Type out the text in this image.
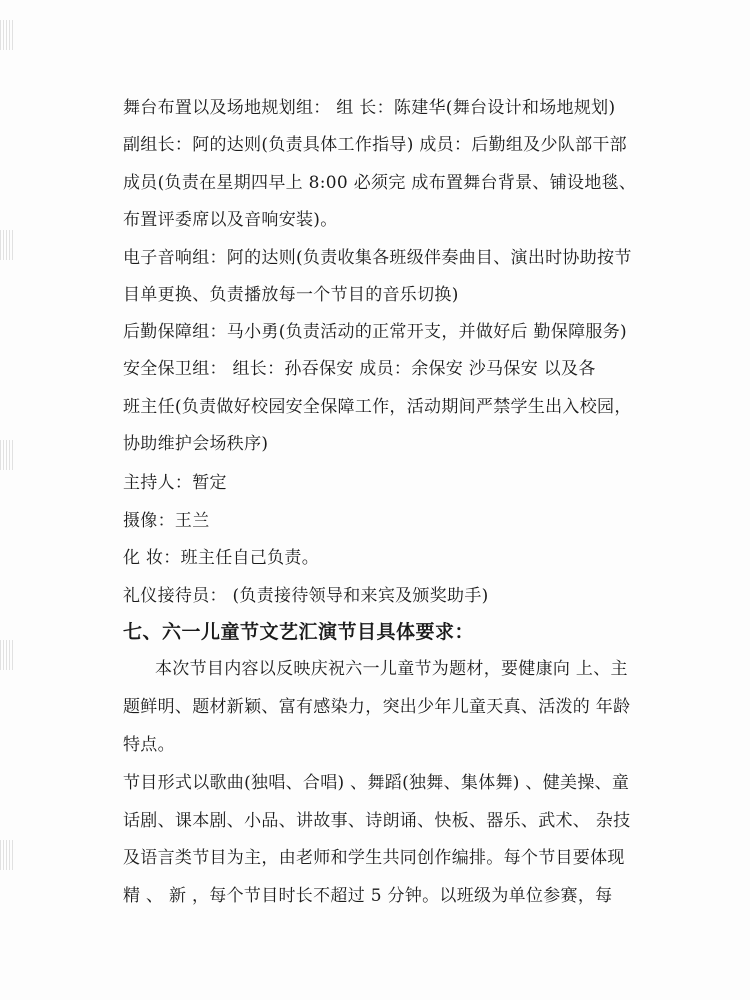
舞台布置以及场地规划组： 组 长：陈建华(舞台设计和场地规划)
副组长：阿的达则(负责具体工作指导) 成员：后勤组及少队部干部
成员(负责在星期四早上 8:00 必须完 成布置舞台背景、铺设地毯、
布置评委席以及音响安装)。
电子音响组：阿的达则(负责收集各班级伴奏曲目、演出时协助按节
目单更换、负责播放每一个节目的音乐切换)
后勤保障组：马小勇(负责活动的正常开支，并做好后 勤保障服务)
安全保卫组： 组长：孙吞保安 成员：余保安 沙马保安 以及各
班主任(负责做好校园安全保障工作，活动期间严禁学生出入校园，
协助维护会场秩序)
主持人：暂定
摄像：王兰
化 妆：班主任自己负责。
礼仪接待员： (负责接待领导和来宾及颁奖助手)
七、六一儿童节文艺汇演节目具体要求：
本次节目内容以反映庆祝六一儿童节为题材，要健康向 上、主
题鲜明、题材新颖、富有感染力，突出少年儿童天真、活泼的 年龄
特点。
节目形式以歌曲(独唱、合唱) 、舞蹈(独舞、集体舞) 、健美操、童
话剧、课本剧、小品、讲故事、诗朗诵、快板、器乐、武术、 杂技
及语言类节目为主，由老师和学生共同创作编排。每个节目要体现
精 、 新 ，每个节目时长不超过 5 分钟。以班级为单位参赛，每
